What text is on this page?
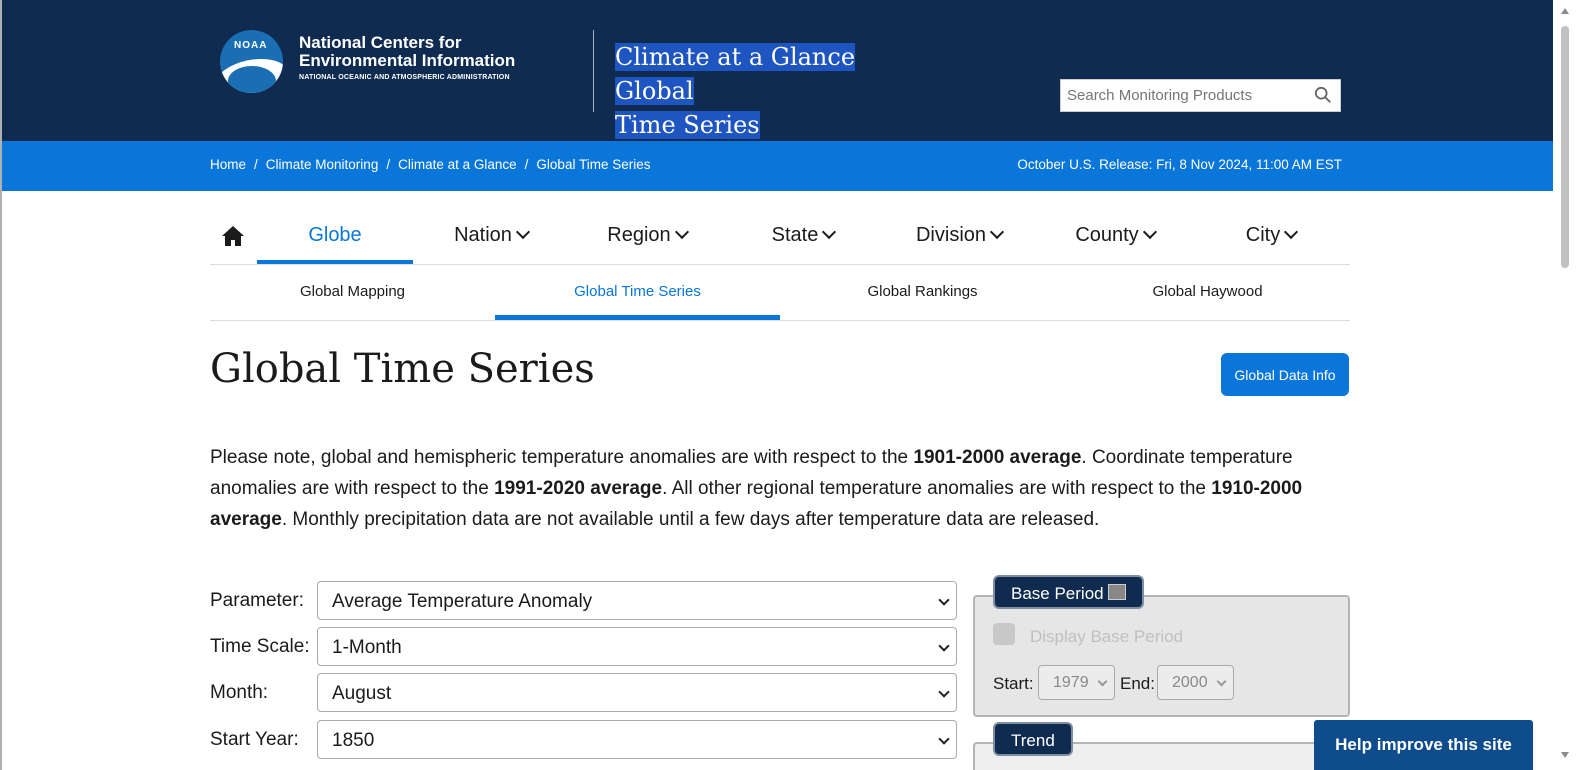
NOAA National Centers for
Environmental Information
NATIONAL OCEANIC AND ATMOSPHERIC ADMINISTRATION
Climate at a Glance Global
Time Series
Search Monitoring Products
Home / Climate Monitoring / Climate at a Glance / Global Time Series	October U.S. Release: Fri, 8 Nov 2024, 11:00 AM EST
Globe	Nation	Region	State	Division	County	City
Global Mapping	Global Time Series	Global Rankings	Global Haywood
Global Time Series	Global Data Info

Please note, global and hemispheric temperature anomalies are with respect to the 1901-2000 average. Coordinate temperature anomalies are with respect to the 1991-2020 average. All other regional temperature anomalies are with respect to the 1910-2000 average. Monthly precipitation data are not available until a few days after temperature data are released.

Parameter: Average Temperature Anomaly
Time Scale: 1-Month
Month:	August
Start Year: 1850
Display Base Period
Start: 1979 End: 2000
Base Period
Trend	Help improve this site
